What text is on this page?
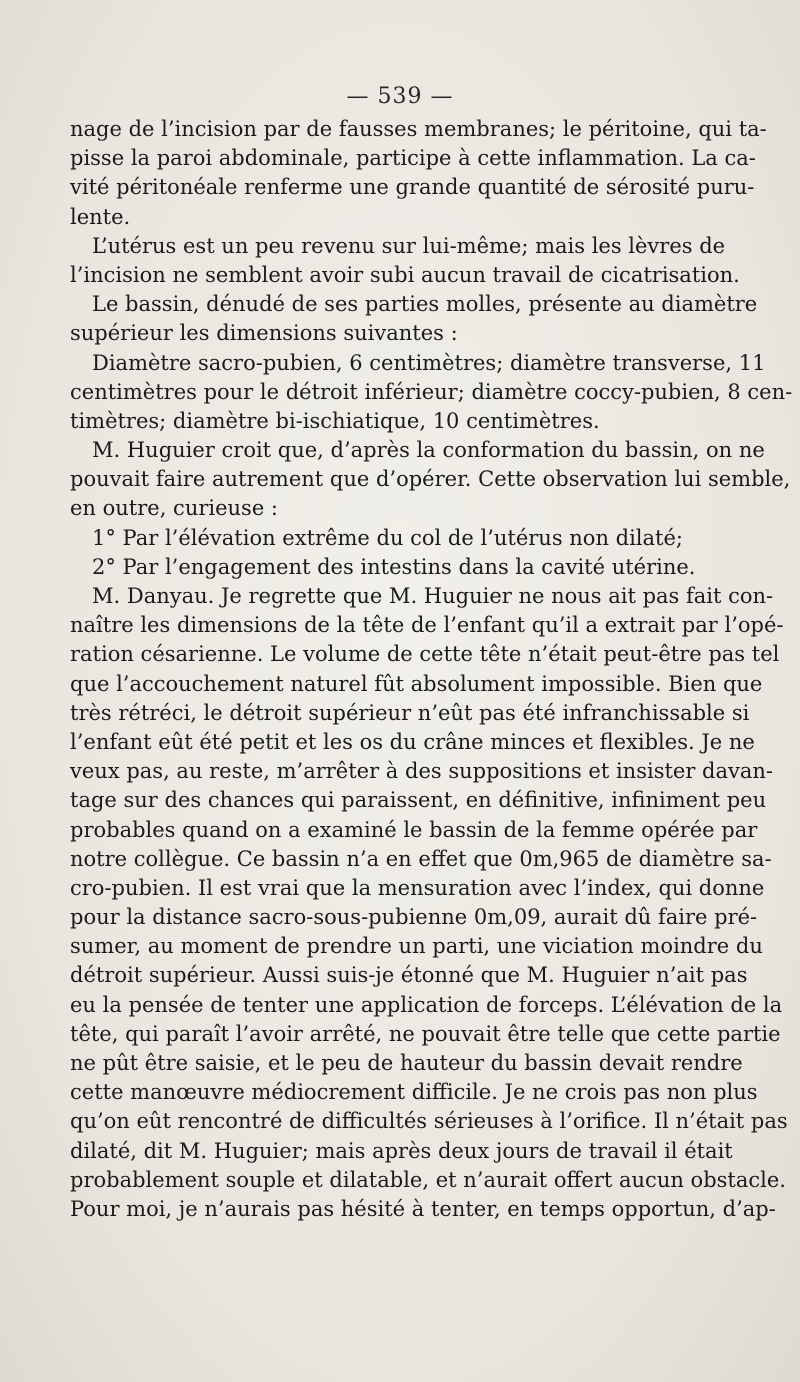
— 539 —
nage de l’incision par de fausses membranes; le péritoine, qui ta-
pisse la paroi abdominale, participe à cette inflammation. La ca-
vité péritonéale renferme une grande quantité de sérosité puru-
lente.
L’utérus est un peu revenu sur lui-même; mais les lèvres de
l’incision ne semblent avoir subi aucun travail de cicatrisation.
Le bassin, dénudé de ses parties molles, présente au diamètre
supérieur les dimensions suivantes :
Diamètre sacro-pubien, 6 centimètres; diamètre transverse, 11
centimètres pour le détroit inférieur; diamètre coccy-pubien, 8 cen-
timètres; diamètre bi-ischiatique, 10 centimètres.
M. Huguier croit que, d’après la conformation du bassin, on ne
pouvait faire autrement que d’opérer. Cette observation lui semble,
en outre, curieuse :
1° Par l’élévation extrême du col de l’utérus non dilaté;
2° Par l’engagement des intestins dans la cavité utérine.
M. Danyau. Je regrette que M. Huguier ne nous ait pas fait con-
naître les dimensions de la tête de l’enfant qu’il a extrait par l’opé-
ration césarienne. Le volume de cette tête n’était peut-être pas tel
que l’accouchement naturel fût absolument impossible. Bien que
très rétréci, le détroit supérieur n’eût pas été infranchissable si
l’enfant eût été petit et les os du crâne minces et flexibles. Je ne
veux pas, au reste, m’arrêter à des suppositions et insister davan-
tage sur des chances qui paraissent, en définitive, infiniment peu
probables quand on a examiné le bassin de la femme opérée par
notre collègue. Ce bassin n’a en effet que 0m,965 de diamètre sa-
cro-pubien. Il est vrai que la mensuration avec l’index, qui donne
pour la distance sacro-sous-pubienne 0m,09, aurait dû faire pré-
sumer, au moment de prendre un parti, une viciation moindre du
détroit supérieur. Aussi suis-je étonné que M. Huguier n’ait pas
eu la pensée de tenter une application de forceps. L’élévation de la
tête, qui paraît l’avoir arrêté, ne pouvait être telle que cette partie
ne pût être saisie, et le peu de hauteur du bassin devait rendre
cette manœuvre médiocrement difficile. Je ne crois pas non plus
qu’on eût rencontré de difficultés sérieuses à l’orifice. Il n’était pas
dilaté, dit M. Huguier; mais après deux jours de travail il était
probablement souple et dilatable, et n’aurait offert aucun obstacle.
Pour moi, je n’aurais pas hésité à tenter, en temps opportun, d’ap-
